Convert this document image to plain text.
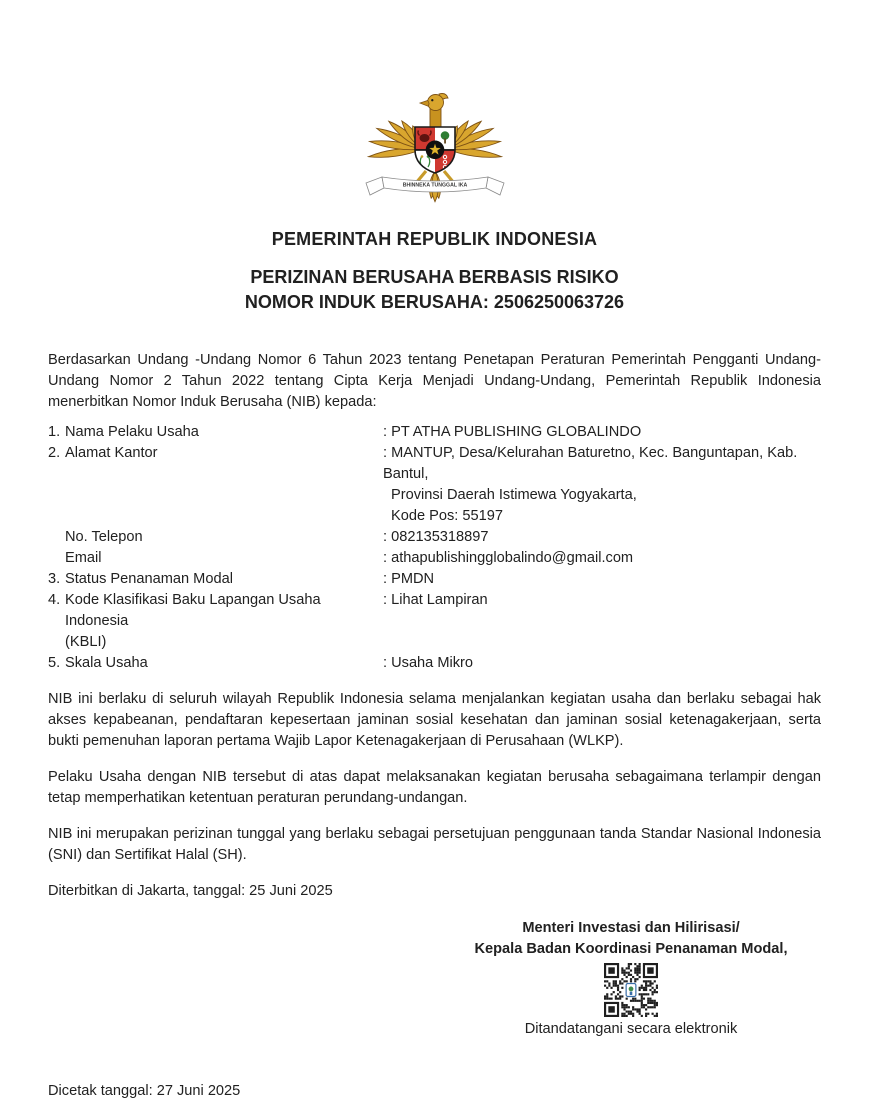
BHINNEKA TUNGGAL IKA
PEMERINTAH REPUBLIK INDONESIA
PERIZINAN BERUSAHA BERBASIS RISIKO
NOMOR INDUK BERUSAHA: 2506250063726

Berdasarkan Undang -Undang Nomor 6 Tahun 2023 tentang Penetapan Peraturan Pemerintah Pengganti Undang-Undang Nomor 2 Tahun 2022 tentang Cipta Kerja Menjadi Undang-Undang, Pemerintah Republik Indonesia menerbitkan Nomor Induk Berusaha (NIB) kepada:

1. Nama Pelaku Usaha	: PT ATHA PUBLISHING GLOBALINDO
2. Alamat Kantor	: MANTUP, Desa/Kelurahan Baturetno, Kec. Banguntapan, Kab. Bantul,
Provinsi Daerah Istimewa Yogyakarta,
Kode Pos: 55197
No. Telepon	: 082135318897
Email	: athapublishingglobalindo@gmail.com
3. Status Penanaman Modal	: PMDN
4. Kode Klasifikasi Baku Lapangan Usaha Indonesia
(KBLI)
: Lihat Lampiran
5. Skala Usaha	: Usaha Mikro

NIB ini berlaku di seluruh wilayah Republik Indonesia selama menjalankan kegiatan usaha dan berlaku sebagai hak akses kepabeanan, pendaftaran kepesertaan jaminan sosial kesehatan dan jaminan sosial ketenagakerjaan, serta bukti pemenuhan laporan pertama Wajib Lapor Ketenagakerjaan di Perusahaan (WLKP).

Pelaku Usaha dengan NIB tersebut di atas dapat melaksanakan kegiatan berusaha sebagaimana terlampir dengan tetap memperhatikan ketentuan peraturan perundang-undangan.

NIB ini merupakan perizinan tunggal yang berlaku sebagai persetujuan penggunaan tanda Standar Nasional Indonesia (SNI) dan Sertifikat Halal (SH).

Diterbitkan di Jakarta, tanggal: 25 Juni 2025

Menteri Investasi dan Hilirisasi/
Kepala Badan Koordinasi Penanaman Modal,
Ditandatangani secara elektronik

Dicetak tanggal: 27 Juni 2025
